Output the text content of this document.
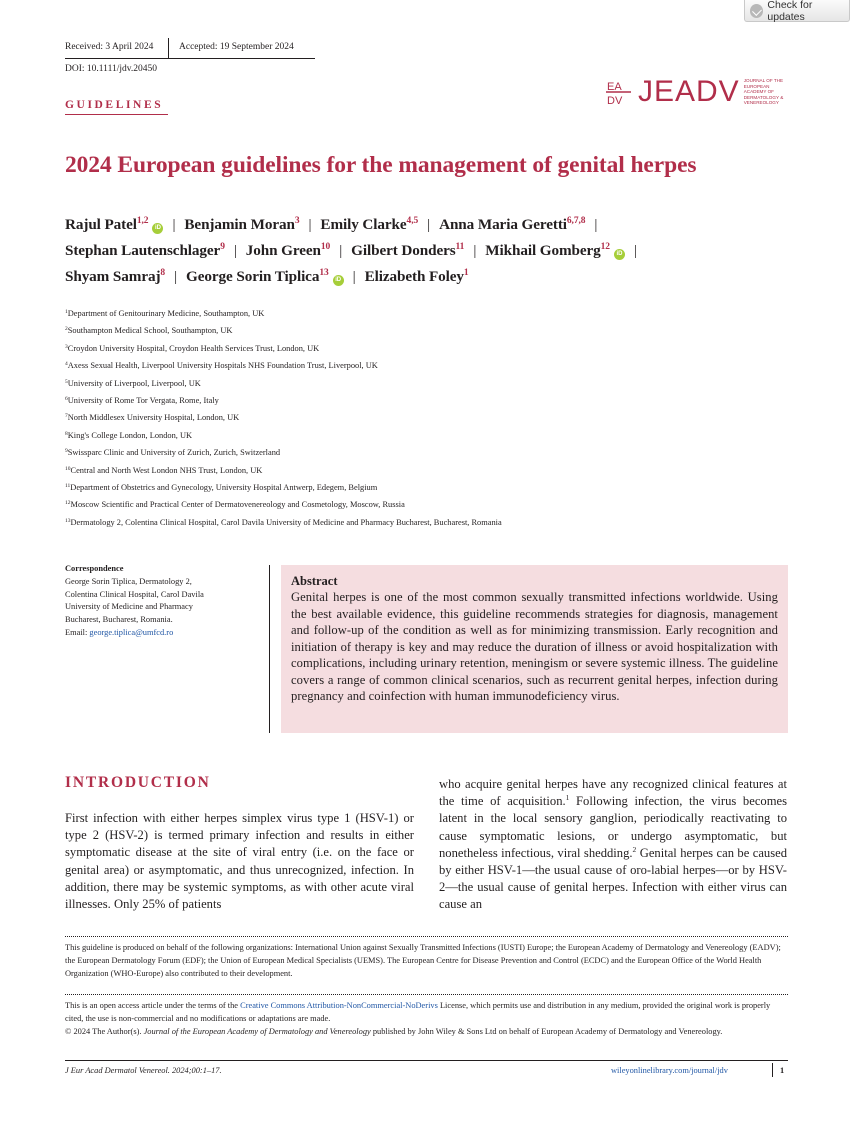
Check for updates
Received: 3 April 2024	Accepted: 19 September 2024
DOI: 10.1111/jdv.20450
GUIDELINES
EA
DV JEADV JOURNAL OF THE EUROPEAN ACADEMY OF DERMATOLOGY & VENEREOLOGY
2024 European guidelines for the management of genital herpes
Rajul Patel$^{1,2}$iD | Benjamin Moran$^3$ | Emily Clarke$^{4,5}$ | Anna Maria Geretti$^{6,7,8}$ |
Stephan Lautenschlager$^9$ | John Green$^{10}$ | Gilbert Donders$^{11}$ | Mikhail Gomberg$^{12}$iD |
Shyam Samraj$^8$ | George Sorin Tiplica$^{13}$iD | Elizabeth Foley$^1$
$^1$Department of Genitourinary Medicine, Southampton, UK
$^2$Southampton Medical School, Southampton, UK
$^3$Croydon University Hospital, Croydon Health Services Trust, London, UK
$^4$Axess Sexual Health, Liverpool University Hospitals NHS Foundation Trust, Liverpool, UK
$^5$University of Liverpool, Liverpool, UK
$^6$University of Rome Tor Vergata, Rome, Italy
$^7$North Middlesex University Hospital, London, UK
$^8$King's College London, London, UK
$^9$Swissparc Clinic and University of Zurich, Zurich, Switzerland
$^{10}$Central and North West London NHS Trust, London, UK
$^{11}$Department of Obstetrics and Gynecology, University Hospital Antwerp, Edegem, Belgium
$^{12}$Moscow Scientific and Practical Center of Dermatovenereology and Cosmetology, Moscow, Russia
$^{13}$Dermatology 2, Colentina Clinical Hospital, Carol Davila University of Medicine and Pharmacy Bucharest, Bucharest, Romania
Correspondence
George Sorin Tiplica, Dermatology 2,
Colentina Clinical Hospital, Carol Davila
University of Medicine and Pharmacy
Bucharest, Bucharest, Romania.
Email: george.tiplica@umfcd.ro
Abstract
Genital herpes is one of the most common sexually transmitted infections worldwide. Using the best available evidence, this guideline recommends strategies for diagnosis, management and follow-up of the condition as well as for minimizing transmission. Early recognition and initiation of therapy is key and may reduce the duration of illness or avoid hospitalization with complications, including urinary retention, meningism or severe systemic illness. The guideline covers a range of common clinical scenarios, such as recurrent genital herpes, infection during pregnancy and coinfection with human immunodeficiency virus.
INTRODUCTION
First infection with either herpes simplex virus type 1 (HSV-1) or type 2 (HSV-2) is termed primary infection and results in either symptomatic disease at the site of viral entry (i.e. on the face or genital area) or asymptomatic, and thus unrecognized, infection. In addition, there may be systemic symptoms, as with other acute viral illnesses. Only 25% of patients
who acquire genital herpes have any recognized clinical features at the time of acquisition.$^1$ Following infection, the virus becomes latent in the local sensory ganglion, periodically reactivating to cause symptomatic lesions, or undergo asymptomatic, but nonetheless infectious, viral shedding.$^2$ Genital herpes can be caused by either HSV-1—the usual cause of oro-labial herpes—or by HSV-2—the usual cause of genital herpes. Infection with either virus can cause an
This guideline is produced on behalf of the following organizations: International Union against Sexually Transmitted Infections (IUSTI) Europe; the European Academy of Dermatology and Venereology (EADV); the European Dermatology Forum (EDF); the Union of European Medical Specialists (UEMS). The European Centre for Disease Prevention and Control (ECDC) and the European Office of the World Health Organization (WHO-Europe) also contributed to their development.
This is an open access article under the terms of the Creative Commons Attribution-NonCommercial-NoDerivs License, which permits use and distribution in any medium, provided the original work is properly cited, the use is non-commercial and no modifications or adaptations are made.
© 2024 The Author(s). Journal of the European Academy of Dermatology and Venereology published by John Wiley & Sons Ltd on behalf of European Academy of Dermatology and Venereology.
J Eur Acad Dermatol Venereol. 2024;00:1–17.	wileyonlinelibrary.com/journal/jdv	1
